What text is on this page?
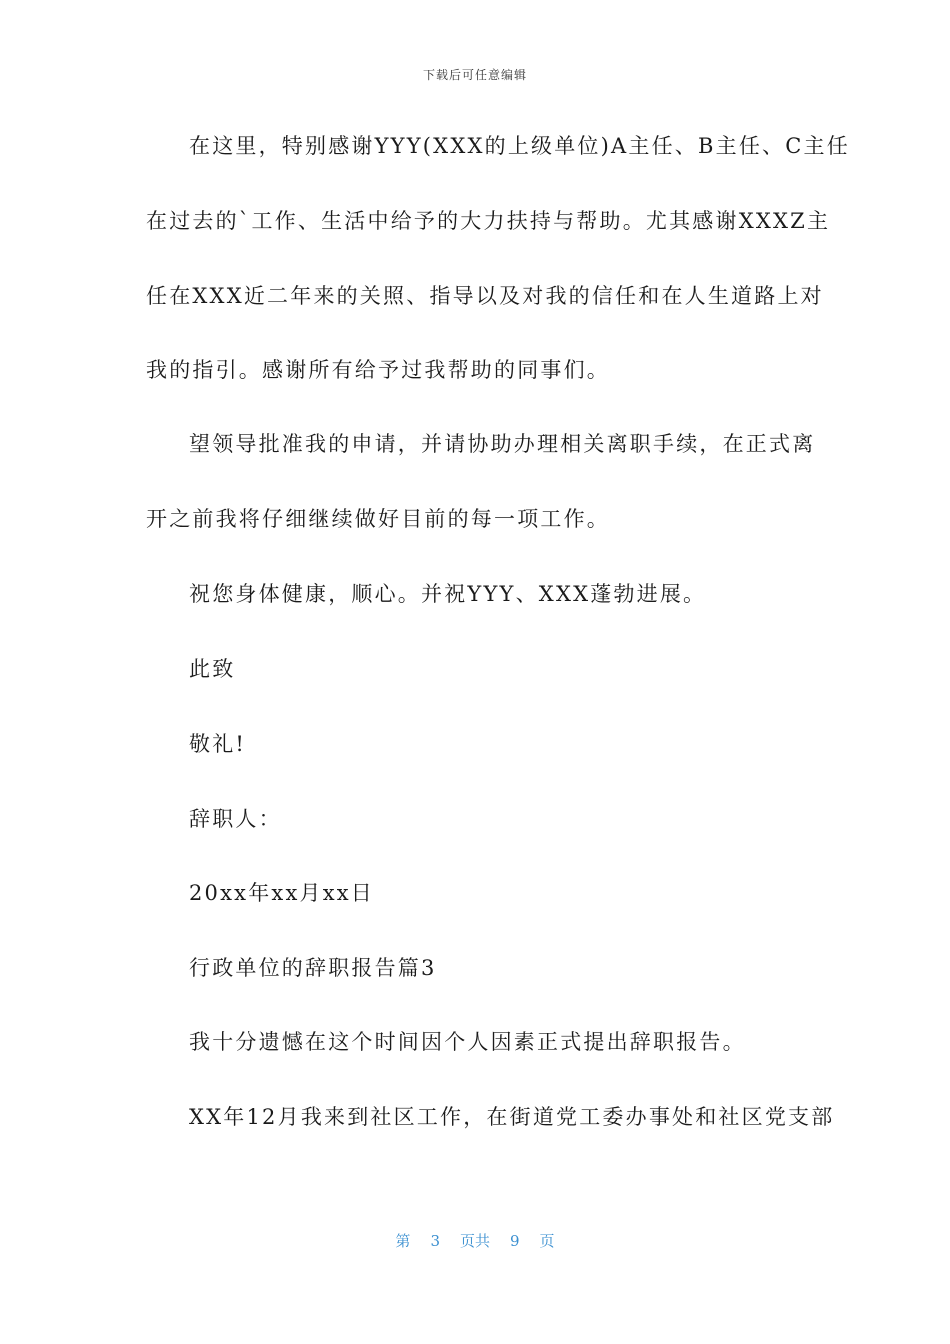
下载后可任意编辑
在这里，特别感谢YYY(XXX的上级单位)A主任、B主任、C主任
在过去的`工作、生活中给予的大力扶持与帮助。尤其感谢XXXZ主
任在XXX近二年来的关照、指导以及对我的信任和在人生道路上对
我的指引。感谢所有给予过我帮助的同事们。
望领导批准我的申请，并请协助办理相关离职手续，在正式离
开之前我将仔细继续做好目前的每一项工作。
祝您身体健康，顺心。并祝YYY、XXX蓬勃进展。
此致
敬礼!
辞职人：
20xx年xx月xx日
行政单位的辞职报告篇3
我十分遗憾在这个时间因个人因素正式提出辞职报告。
XX年12月我来到社区工作，在街道党工委办事处和社区党支部
第 3 页共 9 页
